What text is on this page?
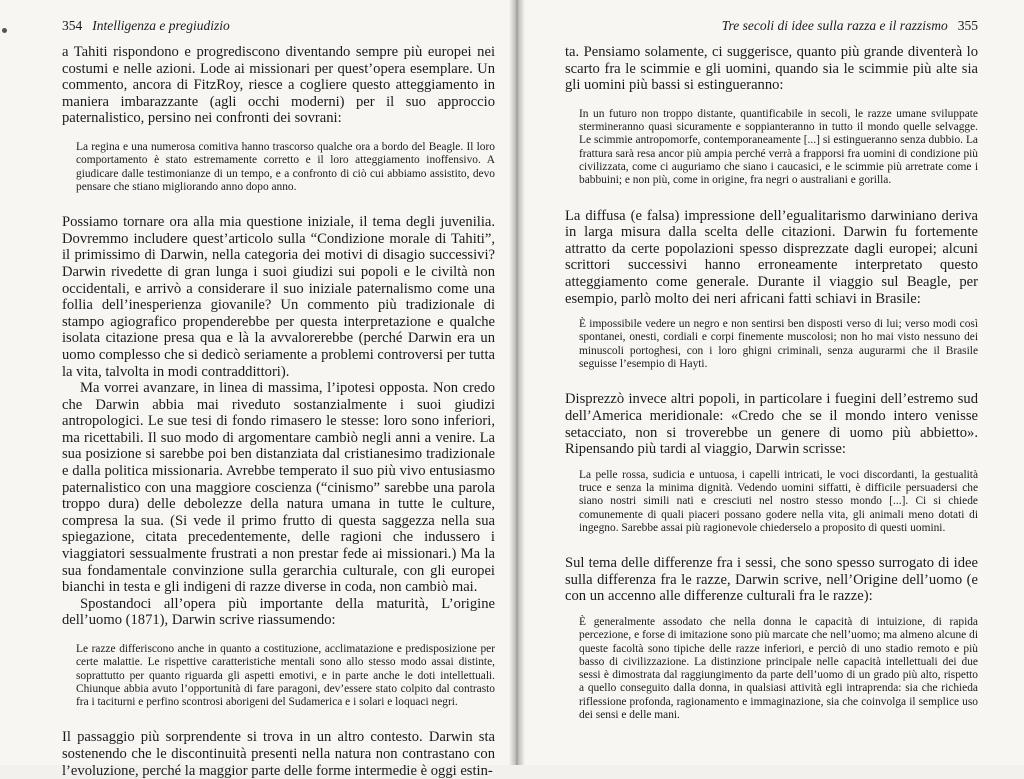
354 Intelligenza e pregiudizio

a Tahiti rispondono e progrediscono diventando sempre più europei nei costumi e nelle azioni. Lode ai missionari per quest’opera esemplare. Un commento, ancora di FitzRoy, riesce a cogliere questo atteggiamento in maniera imbarazzante (agli occhi moderni) per il suo approccio paternalistico, persino nei confronti dei sovrani:

La regina e una numerosa comitiva hanno trascorso qualche ora a bordo del Beagle. Il loro comportamento è stato estremamente corretto e il loro atteggiamento inoffensivo. A giudicare dalle testimonianze di un tempo, e a confronto di ciò cui abbiamo assistito, devo pensare che stiano migliorando anno dopo anno.

Possiamo tornare ora alla mia questione iniziale, il tema degli juvenilia. Dovremmo includere quest’articolo sulla “Condizione morale di Tahiti”, il primissimo di Darwin, nella categoria dei motivi di disagio successivi? Darwin rivedette di gran lunga i suoi giudizi sui popoli e le civiltà non occidentali, e arrivò a considerare il suo iniziale paternalismo come una follia dell’inesperienza giovanile? Un commento più tradizionale di stampo agiografico propenderebbe per questa interpretazione e qualche isolata citazione presa qua e là la avvalorerebbe (perché Darwin era un uomo complesso che si dedicò seriamente a problemi controversi per tutta la vita, talvolta in modi contraddittori).

Ma vorrei avanzare, in linea di massima, l’ipotesi opposta. Non credo che Darwin abbia mai riveduto sostanzialmente i suoi giudizi antropologici. Le sue tesi di fondo rimasero le stesse: loro sono inferiori, ma ricettabili. Il suo modo di argomentare cambiò negli anni a venire. La sua posizione si sarebbe poi ben distanziata dal cristianesimo tradizionale e dalla politica missionaria. Avrebbe temperato il suo più vivo entusiasmo paternalistico con una maggiore coscienza (“cinismo” sarebbe una parola troppo dura) delle debolezze della natura umana in tutte le culture, compresa la sua. (Si vede il primo frutto di questa saggezza nella sua spiegazione, citata precedentemente, delle ragioni che indussero i viaggiatori sessualmente frustrati a non prestar fede ai missionari.) Ma la sua fondamentale convinzione sulla gerarchia culturale, con gli europei bianchi in testa e gli indigeni di razze diverse in coda, non cambiò mai.

Spostandoci all’opera più importante della maturità, L’origine dell’uomo (1871), Darwin scrive riassumendo:

Le razze differiscono anche in quanto a costituzione, acclimatazione e predisposizione per certe malattie. Le rispettive caratteristiche mentali sono allo stesso modo assai distinte, soprattutto per quanto riguarda gli aspetti emotivi, e in parte anche le doti intellettuali. Chiunque abbia avuto l’opportunità di fare paragoni, dev’essere stato colpito dal contrasto fra i taciturni e perfino scontrosi aborigeni del Sudamerica e i solari e loquaci negri.

Il passaggio più sorprendente si trova in un altro contesto. Darwin sta sostenendo che le discontinuità presenti nella natura non contrastano con l’evoluzione, perché la maggior parte delle forme intermedie è oggi estin-

Tre secoli di idee sulla razza e il razzismo 355

ta. Pensiamo solamente, ci suggerisce, quanto più grande diventerà lo scarto fra le scimmie e gli uomini, quando sia le scimmie più alte sia gli uomini più bassi si estingueranno:

In un futuro non troppo distante, quantificabile in secoli, le razze umane sviluppate stermineranno quasi sicuramente e soppianteranno in tutto il mondo quelle selvagge. Le scimmie antropomorfe, contemporaneamente [...] si estingueranno senza dubbio. La frattura sarà resa ancor più ampia perché verrà a frapporsi fra uomini di condizione più civilizzata, come ci auguriamo che siano i caucasici, e le scimmie più arretrate come i babbuini; e non più, come in origine, fra negri o australiani e gorilla.

La diffusa (e falsa) impressione dell’egualitarismo darwiniano deriva in larga misura dalla scelta delle citazioni. Darwin fu fortemente attratto da certe popolazioni spesso disprezzate dagli europei; alcuni scrittori successivi hanno erroneamente interpretato questo atteggiamento come generale. Durante il viaggio sul Beagle, per esempio, parlò molto dei neri africani fatti schiavi in Brasile:

È impossibile vedere un negro e non sentirsi ben disposti verso di lui; verso modi così spontanei, onesti, cordiali e corpi finemente muscolosi; non ho mai visto nessuno dei minuscoli portoghesi, con i loro ghigni criminali, senza augurarmi che il Brasile seguisse l’esempio di Hayti.

Disprezzò invece altri popoli, in particolare i fuegini dell’estremo sud dell’America meridionale: «Credo che se il mondo intero venisse setacciato, non si troverebbe un genere di uomo più abbietto». Ripensando più tardi al viaggio, Darwin scrisse:

La pelle rossa, sudicia e untuosa, i capelli intricati, le voci discordanti, la gestualità truce e senza la minima dignità. Vedendo uomini siffatti, è difficile persuadersi che siano nostri simili nati e cresciuti nel nostro stesso mondo [...]. Ci si chiede comunemente di quali piaceri possano godere nella vita, gli animali meno dotati di ingegno. Sarebbe assai più ragionevole chiederselo a proposito di questi uomini.

Sul tema delle differenze fra i sessi, che sono spesso surrogato di idee sulla differenza fra le razze, Darwin scrive, nell’Origine dell’uomo (e con un accenno alle differenze culturali fra le razze):

È generalmente assodato che nella donna le capacità di intuizione, di rapida percezione, e forse di imitazione sono più marcate che nell’uomo; ma almeno alcune di queste facoltà sono tipiche delle razze inferiori, e perciò di uno stadio remoto e più basso di civilizzazione. La distinzione principale nelle capacità intellettuali dei due sessi è dimostrata dal raggiungimento da parte dell’uomo di un grado più alto, rispetto a quello conseguito dalla donna, in qualsiasi attività egli intraprenda: sia che richieda riflessione profonda, ragionamento e immaginazione, sia che coinvolga il semplice uso dei sensi e delle mani.
